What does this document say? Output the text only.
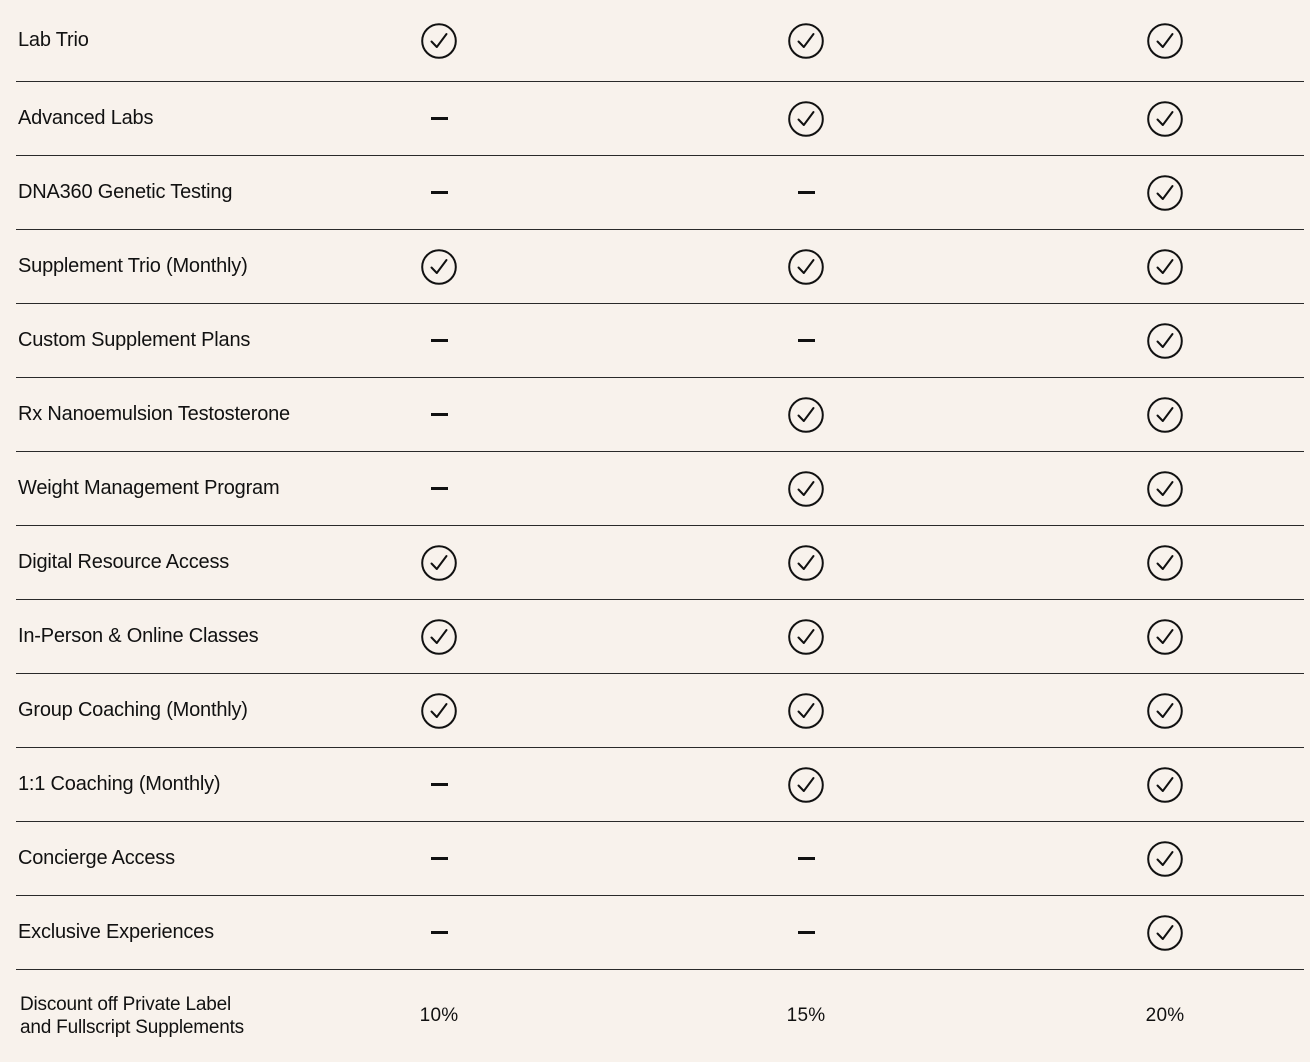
Lab Trio
Advanced Labs
DNA360 Genetic Testing
Supplement Trio (Monthly)
Custom Supplement Plans
Rx Nanoemulsion Testosterone
Weight Management Program
Digital Resource Access
In-Person & Online Classes
Group Coaching (Monthly)
1:1 Coaching (Monthly)
Concierge Access
Exclusive Experiences
Discount off Private Label
and Fullscript Supplements
10%	15%	20%
